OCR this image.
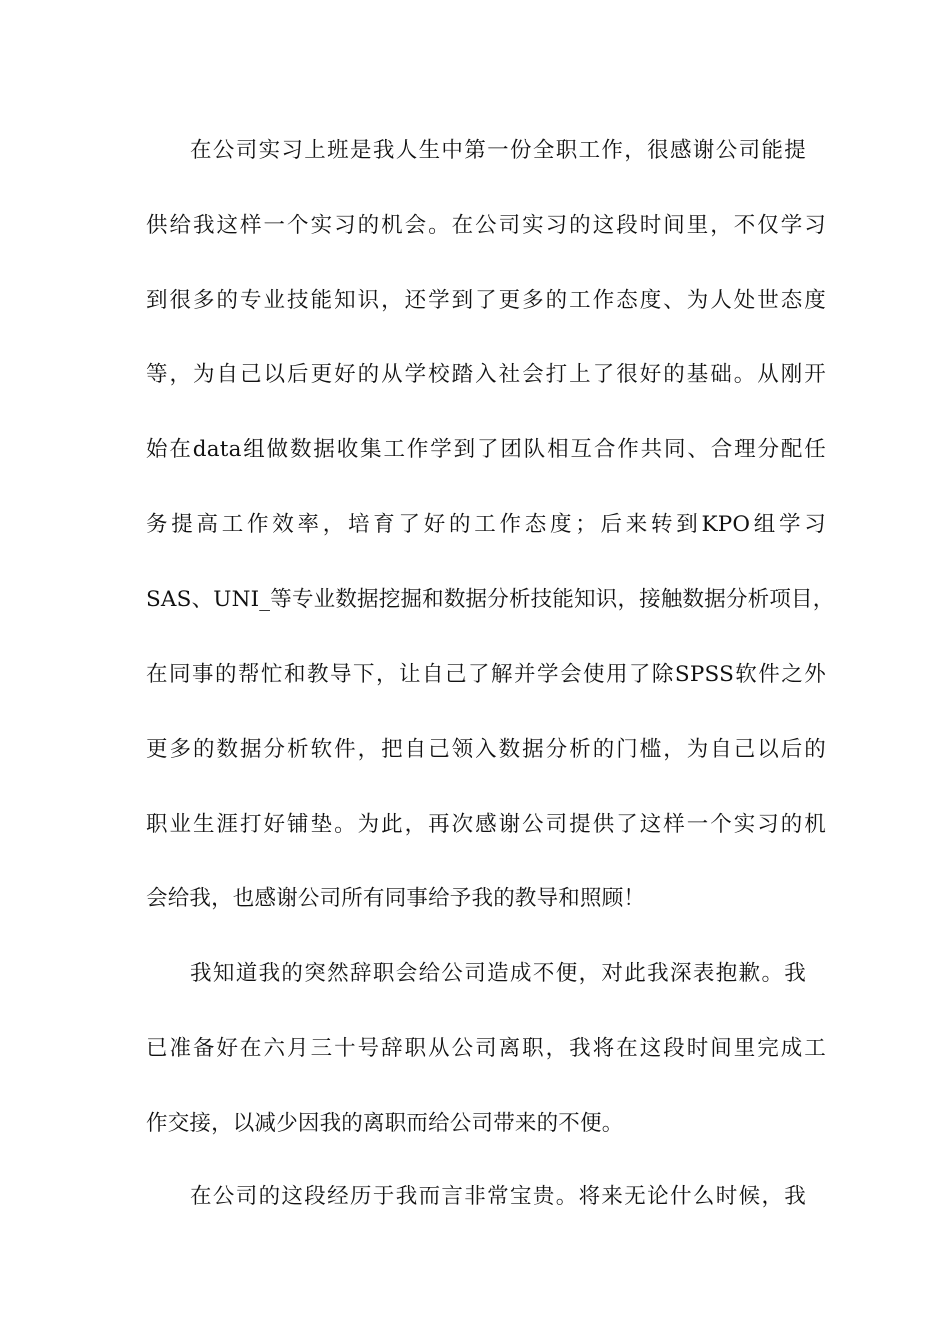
在公司实习上班是我人生中第一份全职工作，很感谢公司能提
供给我这样一个实习的机会。在公司实习的这段时间里，不仅学习
到很多的专业技能知识，还学到了更多的工作态度、为人处世态度
等，为自己以后更好的从学校踏入社会打上了很好的基础。从刚开
始在data组做数据收集工作学到了团队相互合作共同、合理分配任
务提高工作效率，培育了好的工作态度；后来转到KPO组学习
SAS、UNI_等专业数据挖掘和数据分析技能知识，接触数据分析项目，
在同事的帮忙和教导下，让自己了解并学会使用了除SPSS软件之外
更多的数据分析软件，把自己领入数据分析的门槛，为自己以后的
职业生涯打好铺垫。为此，再次感谢公司提供了这样一个实习的机
会给我，也感谢公司所有同事给予我的教导和照顾！
我知道我的突然辞职会给公司造成不便，对此我深表抱歉。我
已准备好在六月三十号辞职从公司离职，我将在这段时间里完成工
作交接，以减少因我的离职而给公司带来的不便。
在公司的这段经历于我而言非常宝贵。将来无论什么时候，我
